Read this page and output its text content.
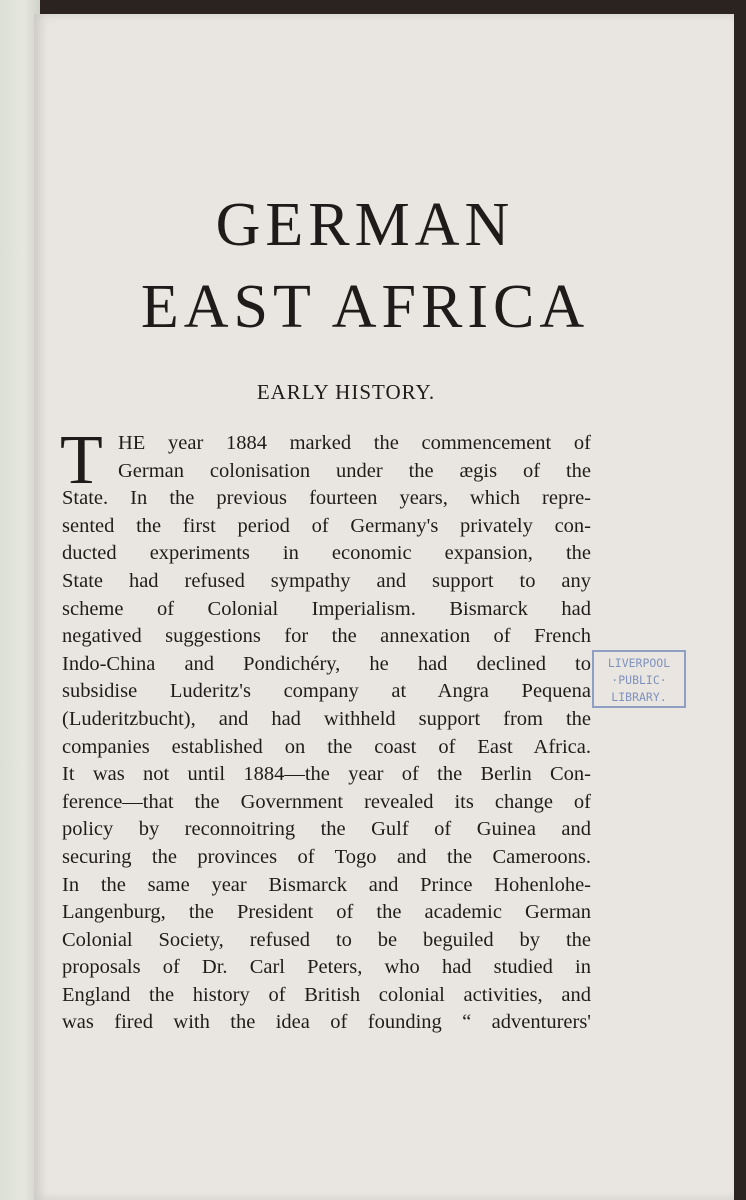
GERMAN
EAST AFRICA
EARLY HISTORY.
T HE year 1884 marked the commencement of
German colonisation under the ægis of the
State. In the previous fourteen years, which repre-
sented the first period of Germany's privately con-
ducted experiments in economic expansion, the
State had refused sympathy and support to any
scheme of Colonial Imperialism. Bismarck had
negatived suggestions for the annexation of French
Indo-China and Pondichéry, he had declined to
subsidise Luderitz's company at Angra Pequena
(Luderitzbucht), and had withheld support from the
companies established on the coast of East Africa.
It was not until 1884—the year of the Berlin Con-
ference—that the Government revealed its change of
policy by reconnoitring the Gulf of Guinea and
securing the provinces of Togo and the Cameroons.
In the same year Bismarck and Prince Hohenlohe-
Langenburg, the President of the academic German
Colonial Society, refused to be beguiled by the
proposals of Dr. Carl Peters, who had studied in
England the history of British colonial activities, and
was fired with the idea of founding “ adventurers'
LIVERPOOL
·PUBLIC·
LIBRARY.
